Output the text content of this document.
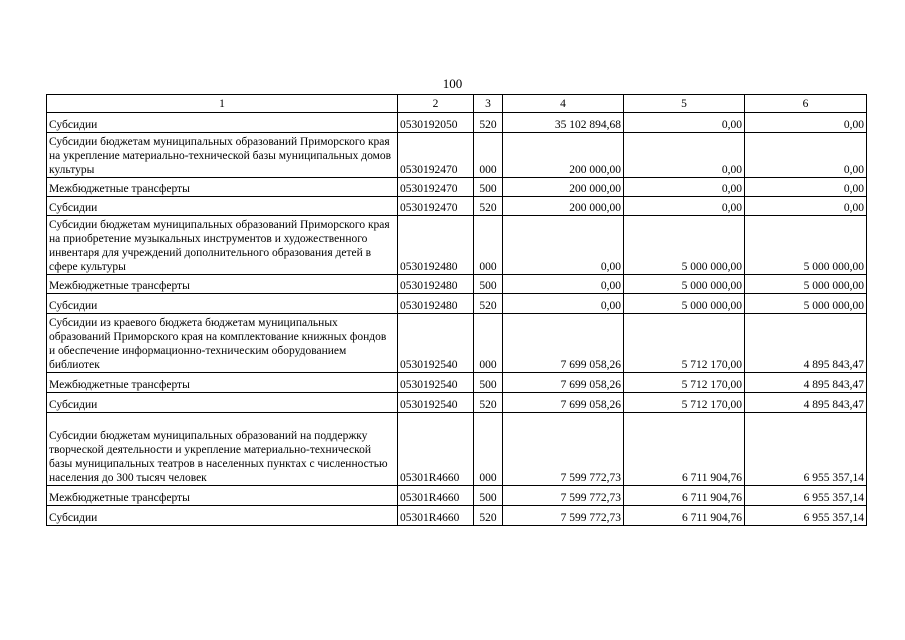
100
1	2	3	4	5	6
Субсидии	0530192050	520	35 102 894,68	0,00	0,00
Субсидии бюджетам муниципальных образований Приморского края на укрепление материально-технической базы муниципальных домов культуры	0530192470	000	200 000,00	0,00	0,00
Межбюджетные трансферты	0530192470	500	200 000,00	0,00	0,00
Субсидии	0530192470	520	200 000,00	0,00	0,00
Субсидии бюджетам муниципальных образований Приморского края на приобретение музыкальных инструментов и художественного инвентаря для учреждений дополнительного образования детей в сфере культуры	0530192480	000	0,00	5 000 000,00	5 000 000,00
Межбюджетные трансферты	0530192480	500	0,00	5 000 000,00	5 000 000,00
Субсидии	0530192480	520	0,00	5 000 000,00	5 000 000,00
Субсидии из краевого бюджета бюджетам муниципальных образований Приморского края на комплектование книжных фондов и обеспечение информационно-техническим оборудованием библиотек	0530192540	000	7 699 058,26	5 712 170,00	4 895 843,47
Межбюджетные трансферты	0530192540	500	7 699 058,26	5 712 170,00	4 895 843,47
Субсидии	0530192540	520	7 699 058,26	5 712 170,00	4 895 843,47
Субсидии бюджетам муниципальных образований на поддержку творческой деятельности и укрепление материально-технической базы муниципальных театров в населенных пунктах с численностью населения до 300 тысяч человек	05301R4660	000	7 599 772,73	6 711 904,76	6 955 357,14
Межбюджетные трансферты	05301R4660	500	7 599 772,73	6 711 904,76	6 955 357,14
Субсидии	05301R4660	520	7 599 772,73	6 711 904,76	6 955 357,14
